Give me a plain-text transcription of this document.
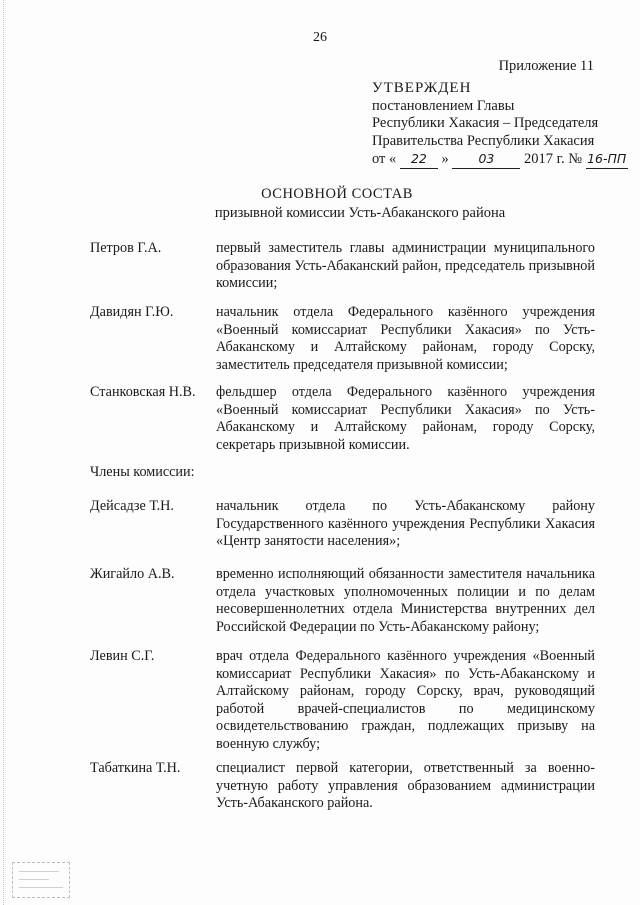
26
Приложение 11
УТВЕРЖДЕН
постановлением Главы
Республики Хакасия – Председателя
Правительства Республики Хакасия
от « 22 » 03 2017 г. № 16-ПП
ОСНОВНОЙ СОСТАВ
призывной комиссии Усть-Абаканского района
Петров Г.А.	первый заместитель главы администрации муниципального образования Усть-Абаканский район, председатель призывной комиссии;
Давидян Г.Ю.	начальник отдела Федерального казённого учреждения «Военный комиссариат Республики Хакасия» по Усть-Абаканскому и Алтайскому районам, городу Сорску, заместитель председателя призывной комиссии;
Станковская Н.В.	фельдшер отдела Федерального казённого учреждения «Военный комиссариат Республики Хакасия» по Усть-Абаканскому и Алтайскому районам, городу Сорску, секретарь призывной комиссии.
Члены комиссии:
Дейсадзе Т.Н.	начальник отдела по Усть-Абаканскому району Государственного казённого учреждения Республики Хакасия «Центр занятости населения»;
Жигайло А.В.	временно исполняющий обязанности заместителя начальника отдела участковых уполномоченных полиции и по делам несовершеннолетних отдела Министерства внутренних дел Российской Федерации по Усть-Абаканскому району;
Левин С.Г.	врач отдела Федерального казённого учреждения «Военный комиссариат Республики Хакасия» по Усть-Абаканскому и Алтайскому районам, городу Сорску, врач, руководящий работой врачей-специалистов по медицинскому освидетельствованию граждан, подлежащих призыву на военную службу;
Табаткина Т.Н.	специалист первой категории, ответственный за военно-учетную работу управления образованием администрации Усть-Абаканского района.
